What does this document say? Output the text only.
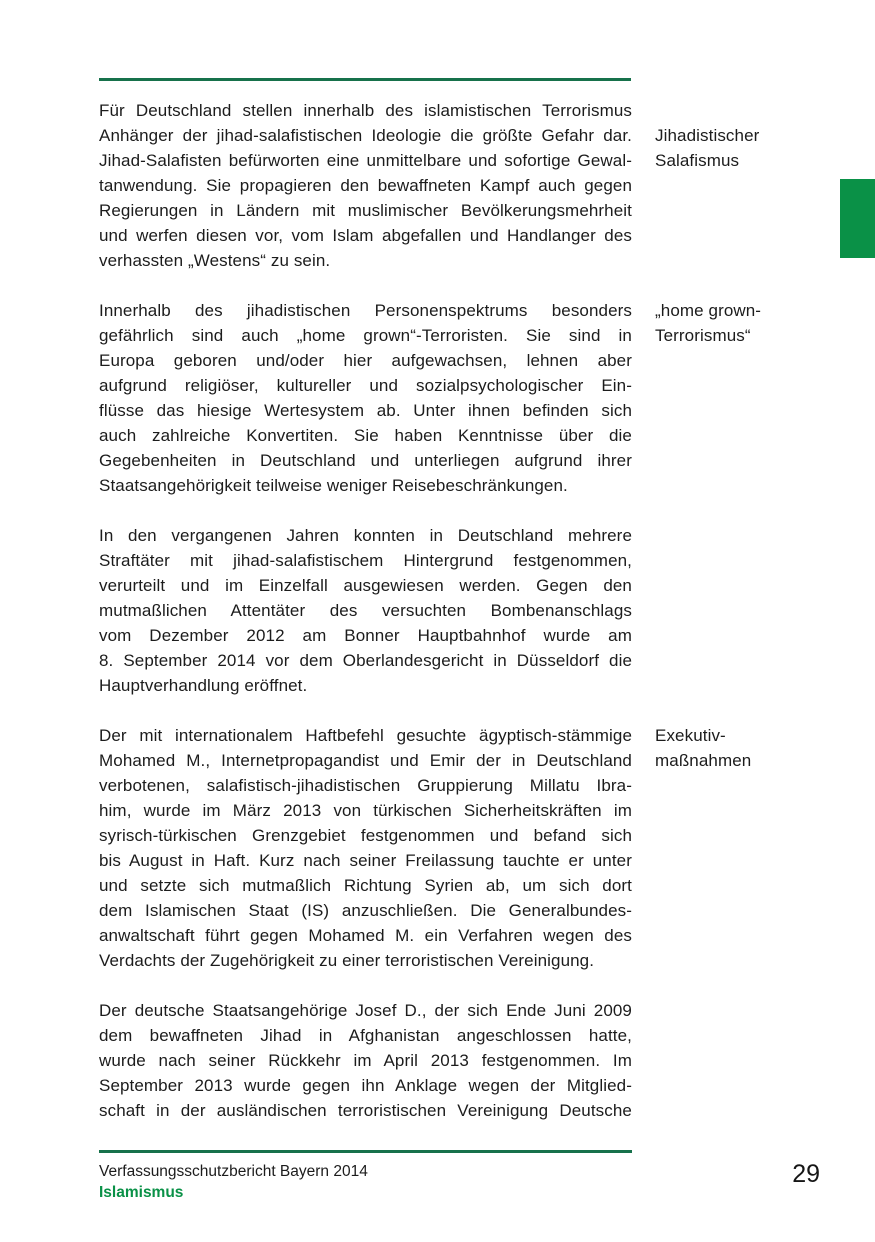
Für Deutschland stellen innerhalb des islamistischen Terrorismus
Anhänger der jihad-salafistischen Ideologie die größte Gefahr dar.
Jihad-Salafisten befürworten eine unmittelbare und sofortige Gewal-
tanwendung. Sie propagieren den bewaffneten Kampf auch gegen
Regierungen in Ländern mit muslimischer Bevölkerungsmehrheit
und werfen diesen vor, vom Islam abgefallen und Handlanger des
verhassten „Westens“ zu sein.
Innerhalb des jihadistischen Personenspektrums besonders
gefährlich sind auch „home grown“-Terroristen. Sie sind in
Europa geboren und/oder hier aufgewachsen, lehnen aber
aufgrund religiöser, kultureller und sozialpsychologischer Ein-
flüsse das hiesige Wertesystem ab. Unter ihnen befinden sich
auch zahlreiche Konvertiten. Sie haben Kenntnisse über die
Gegebenheiten in Deutschland und unterliegen aufgrund ihrer
Staatsangehörigkeit teilweise weniger Reisebeschränkungen.
In den vergangenen Jahren konnten in Deutschland mehrere
Straftäter mit jihad-salafistischem Hintergrund festgenommen,
verurteilt und im Einzelfall ausgewiesen werden. Gegen den
mutmaßlichen Attentäter des versuchten Bombenanschlags
vom Dezember 2012 am Bonner Hauptbahnhof wurde am
8. September 2014 vor dem Oberlandesgericht in Düsseldorf die
Hauptverhandlung eröffnet.
Der mit internationalem Haftbefehl gesuchte ägyptisch-stämmige
Mohamed M., Internetpropagandist und Emir der in Deutschland
verbotenen, salafistisch-jihadistischen Gruppierung Millatu Ibra-
him, wurde im März 2013 von türkischen Sicherheitskräften im
syrisch-türkischen Grenzgebiet festgenommen und befand sich
bis August in Haft. Kurz nach seiner Freilassung tauchte er unter
und setzte sich mutmaßlich Richtung Syrien ab, um sich dort
dem Islamischen Staat (IS) anzuschließen. Die Generalbundes-
anwaltschaft führt gegen Mohamed M. ein Verfahren wegen des
Verdachts der Zugehörigkeit zu einer terroristischen Vereinigung.
Der deutsche Staatsangehörige Josef D., der sich Ende Juni 2009
dem bewaffneten Jihad in Afghanistan angeschlossen hatte,
wurde nach seiner Rückkehr im April 2013 festgenommen. Im
September 2013 wurde gegen ihn Anklage wegen der Mitglied-
schaft in der ausländischen terroristischen Vereinigung Deutsche
Jihadistischer
Salafismus
„home grown-
Terrorismus“
Exekutiv-
maßnahmen
Verfassungsschutzbericht Bayern 2014
Islamismus
29
